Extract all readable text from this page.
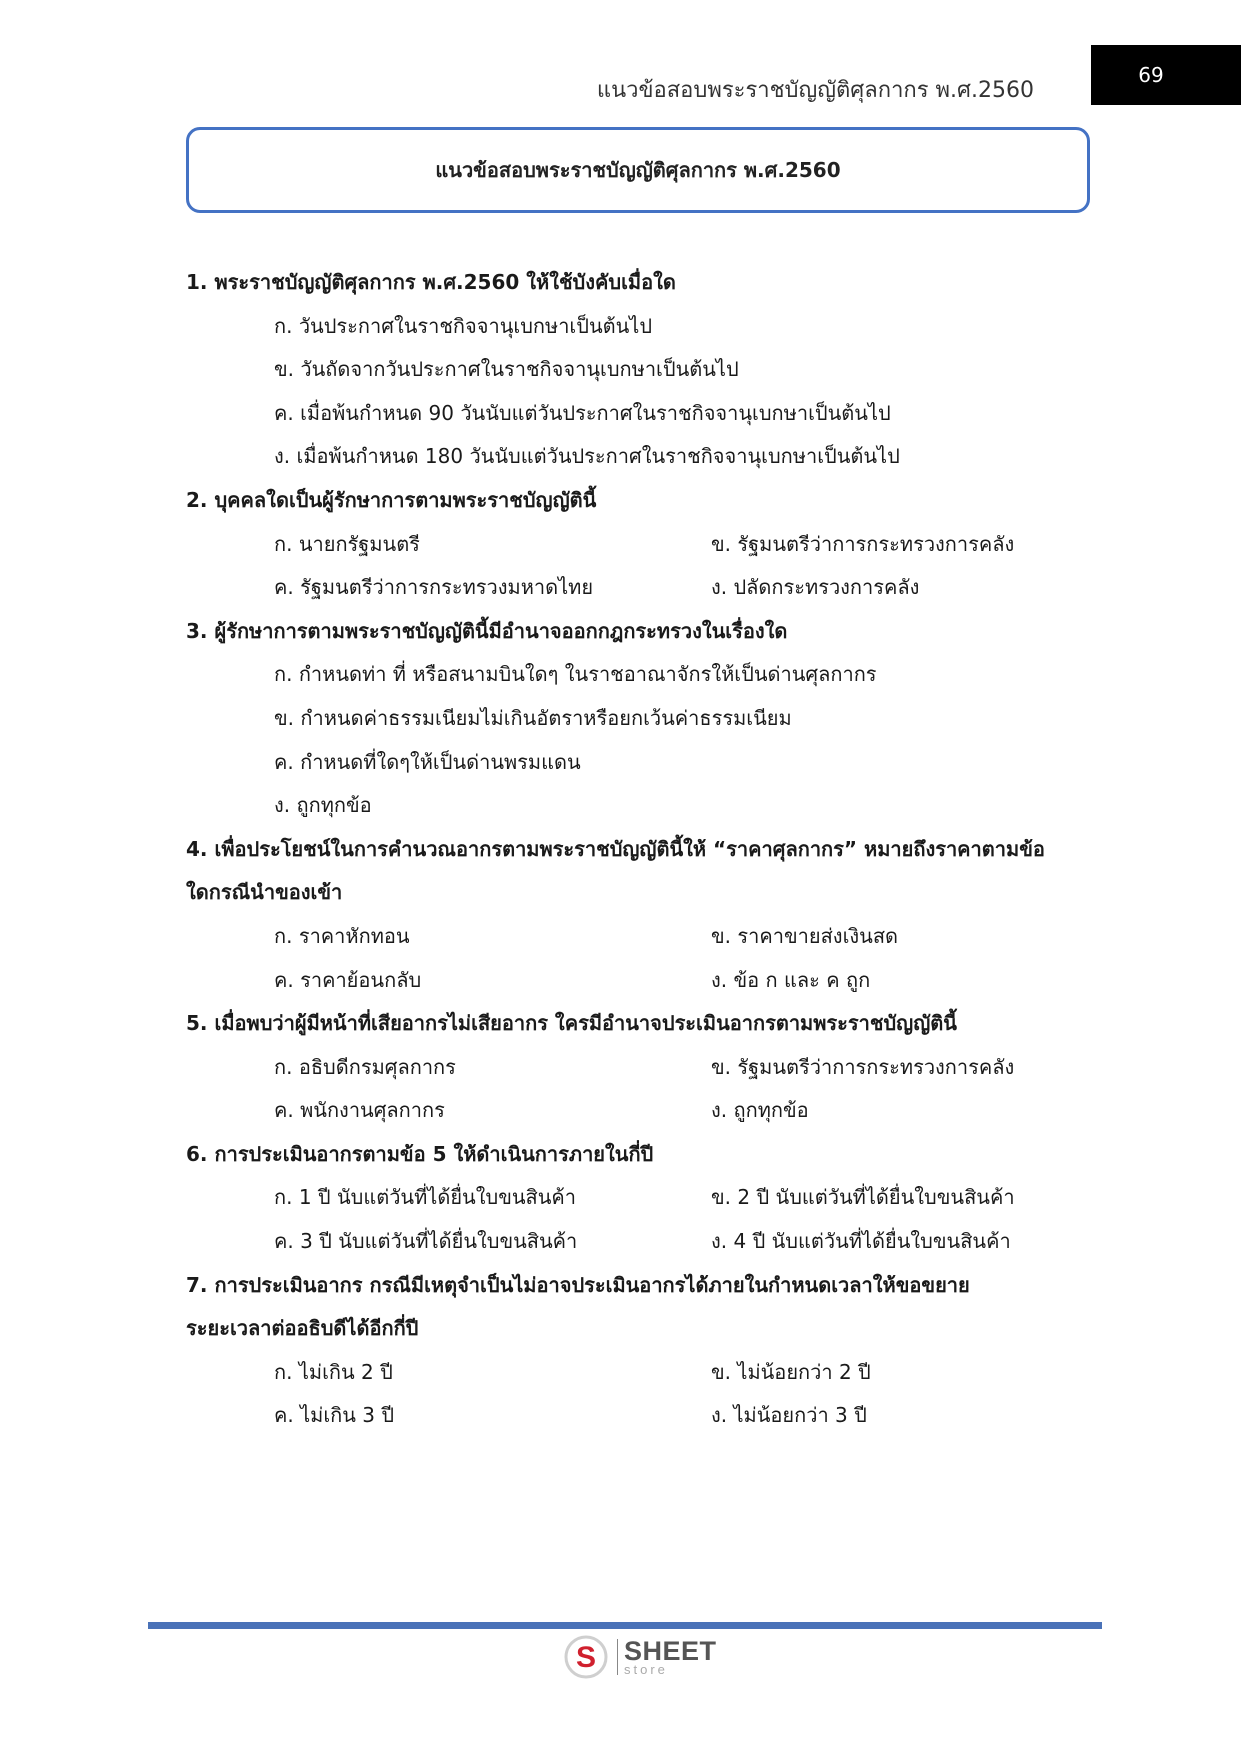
แนวข้อสอบพระราชบัญญัติศุลกากร พ.ศ.2560
69
แนวข้อสอบพระราชบัญญัติศุลกากร พ.ศ.2560
1. พระราชบัญญัติศุลกากร พ.ศ.2560 ให้ใช้บังคับเมื่อใด
ก. วันประกาศในราชกิจจานุเบกษาเป็นต้นไป
ข. วันถัดจากวันประกาศในราชกิจจานุเบกษาเป็นต้นไป
ค. เมื่อพ้นกำหนด 90 วันนับแต่วันประกาศในราชกิจจานุเบกษาเป็นต้นไป
ง. เมื่อพ้นกำหนด 180 วันนับแต่วันประกาศในราชกิจจานุเบกษาเป็นต้นไป
2. บุคคลใดเป็นผู้รักษาการตามพระราชบัญญัตินี้
ก. นายกรัฐมนตรี	ข. รัฐมนตรีว่าการกระทรวงการคลัง
ค. รัฐมนตรีว่าการกระทรวงมหาดไทย	ง. ปลัดกระทรวงการคลัง
3. ผู้รักษาการตามพระราชบัญญัตินี้มีอำนาจออกกฎกระทรวงในเรื่องใด
ก. กำหนดท่า ที่ หรือสนามบินใดๆ ในราชอาณาจักรให้เป็นด่านศุลกากร
ข. กำหนดค่าธรรมเนียมไม่เกินอัตราหรือยกเว้นค่าธรรมเนียม
ค. กำหนดที่ใดๆให้เป็นด่านพรมแดน
ง. ถูกทุกข้อ
4. เพื่อประโยชน์ในการคำนวณอากรตามพระราชบัญญัตินี้ให้ “ราคาศุลกากร” หมายถึงราคาตามข้อ
ใดกรณีนำของเข้า
ก. ราคาหักทอน	ข. ราคาขายส่งเงินสด
ค. ราคาย้อนกลับ	ง. ข้อ ก และ ค ถูก
5. เมื่อพบว่าผู้มีหน้าที่เสียอากรไม่เสียอากร ใครมีอำนาจประเมินอากรตามพระราชบัญญัตินี้
ก. อธิบดีกรมศุลกากร	ข. รัฐมนตรีว่าการกระทรวงการคลัง
ค. พนักงานศุลกากร	ง. ถูกทุกข้อ
6. การประเมินอากรตามข้อ 5 ให้ดำเนินการภายในกี่ปี
ก. 1 ปี นับแต่วันที่ได้ยื่นใบขนสินค้า	ข. 2 ปี นับแต่วันที่ได้ยื่นใบขนสินค้า
ค. 3 ปี นับแต่วันที่ได้ยื่นใบขนสินค้า	ง. 4 ปี นับแต่วันที่ได้ยื่นใบขนสินค้า
7. การประเมินอากร กรณีมีเหตุจำเป็นไม่อาจประเมินอากรได้ภายในกำหนดเวลาให้ขอขยาย
ระยะเวลาต่ออธิบดีได้อีกกี่ปี
ก. ไม่เกิน 2 ปี	ข. ไม่น้อยกว่า 2 ปี
ค. ไม่เกิน 3 ปี	ง. ไม่น้อยกว่า 3 ปี
S SHEET
store
